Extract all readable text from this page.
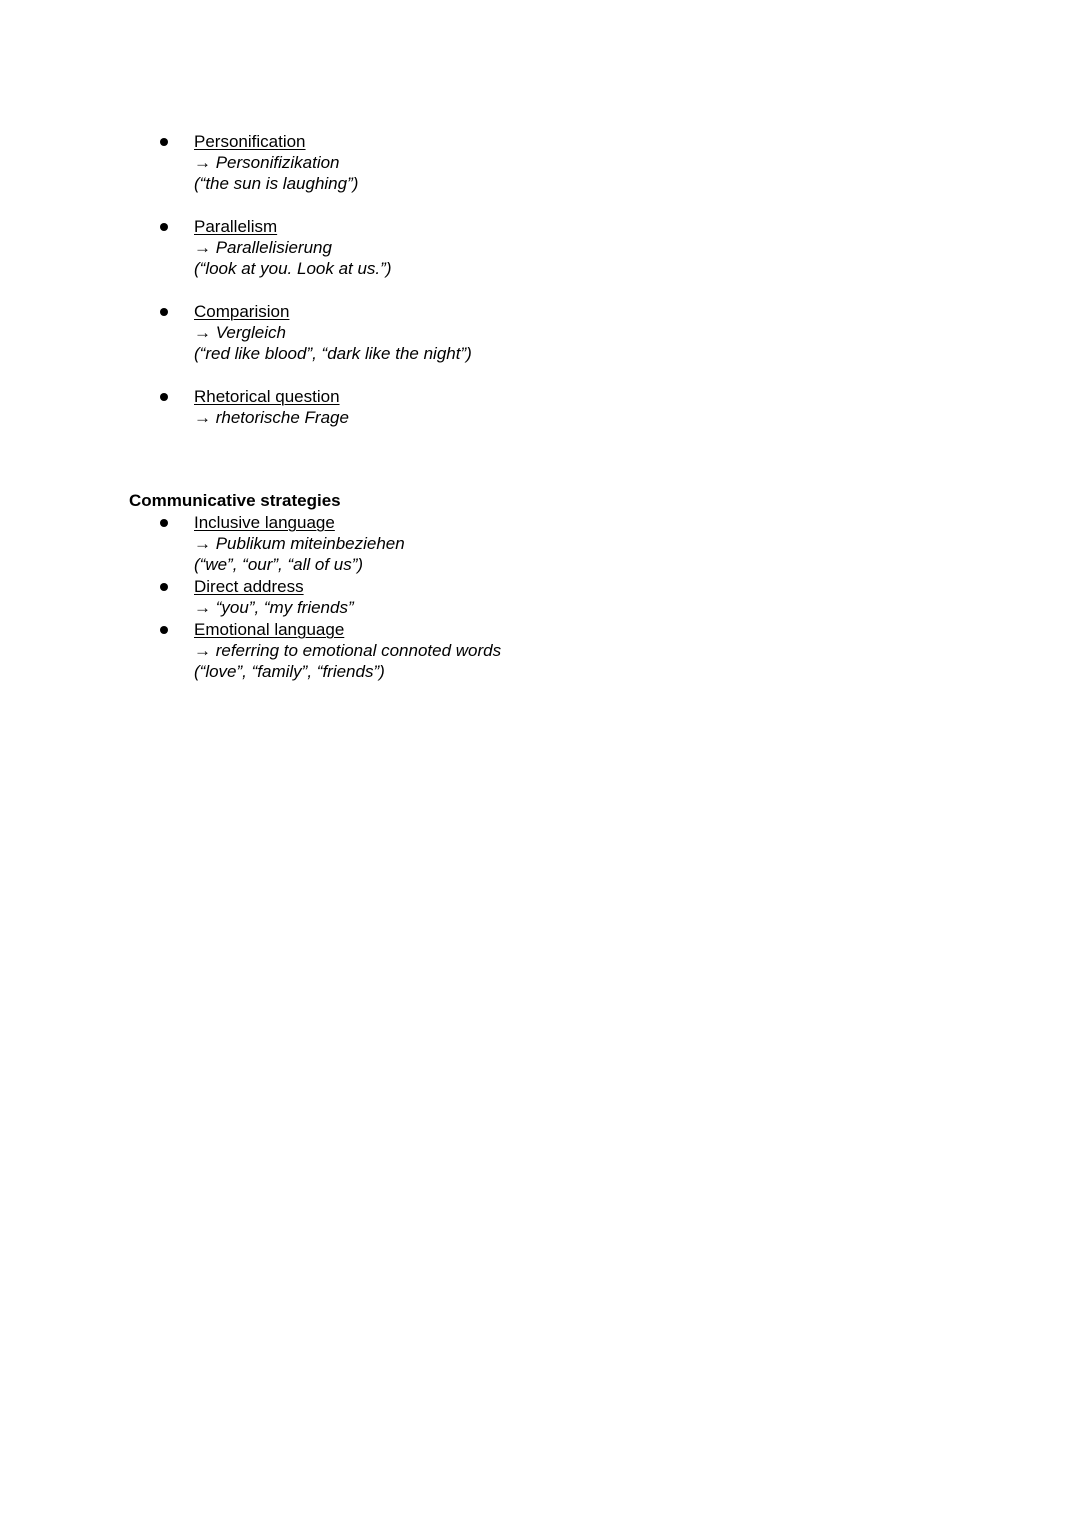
Personification
→ Personifizikation
(“the sun is laughing”)
Parallelism
→ Parallelisierung
(“look at you. Look at us.”)
Comparision
→ Vergleich
(“red like blood”, “dark like the night”)
Rhetorical question
→ rhetorische Frage
Communicative strategies
Inclusive language
→ Publikum miteinbeziehen
(“we”, “our”, “all of us”)
Direct address
→ “you”, “my friends”
Emotional language
→ referring to emotional connoted words
(“love”, “family”, “friends”)
